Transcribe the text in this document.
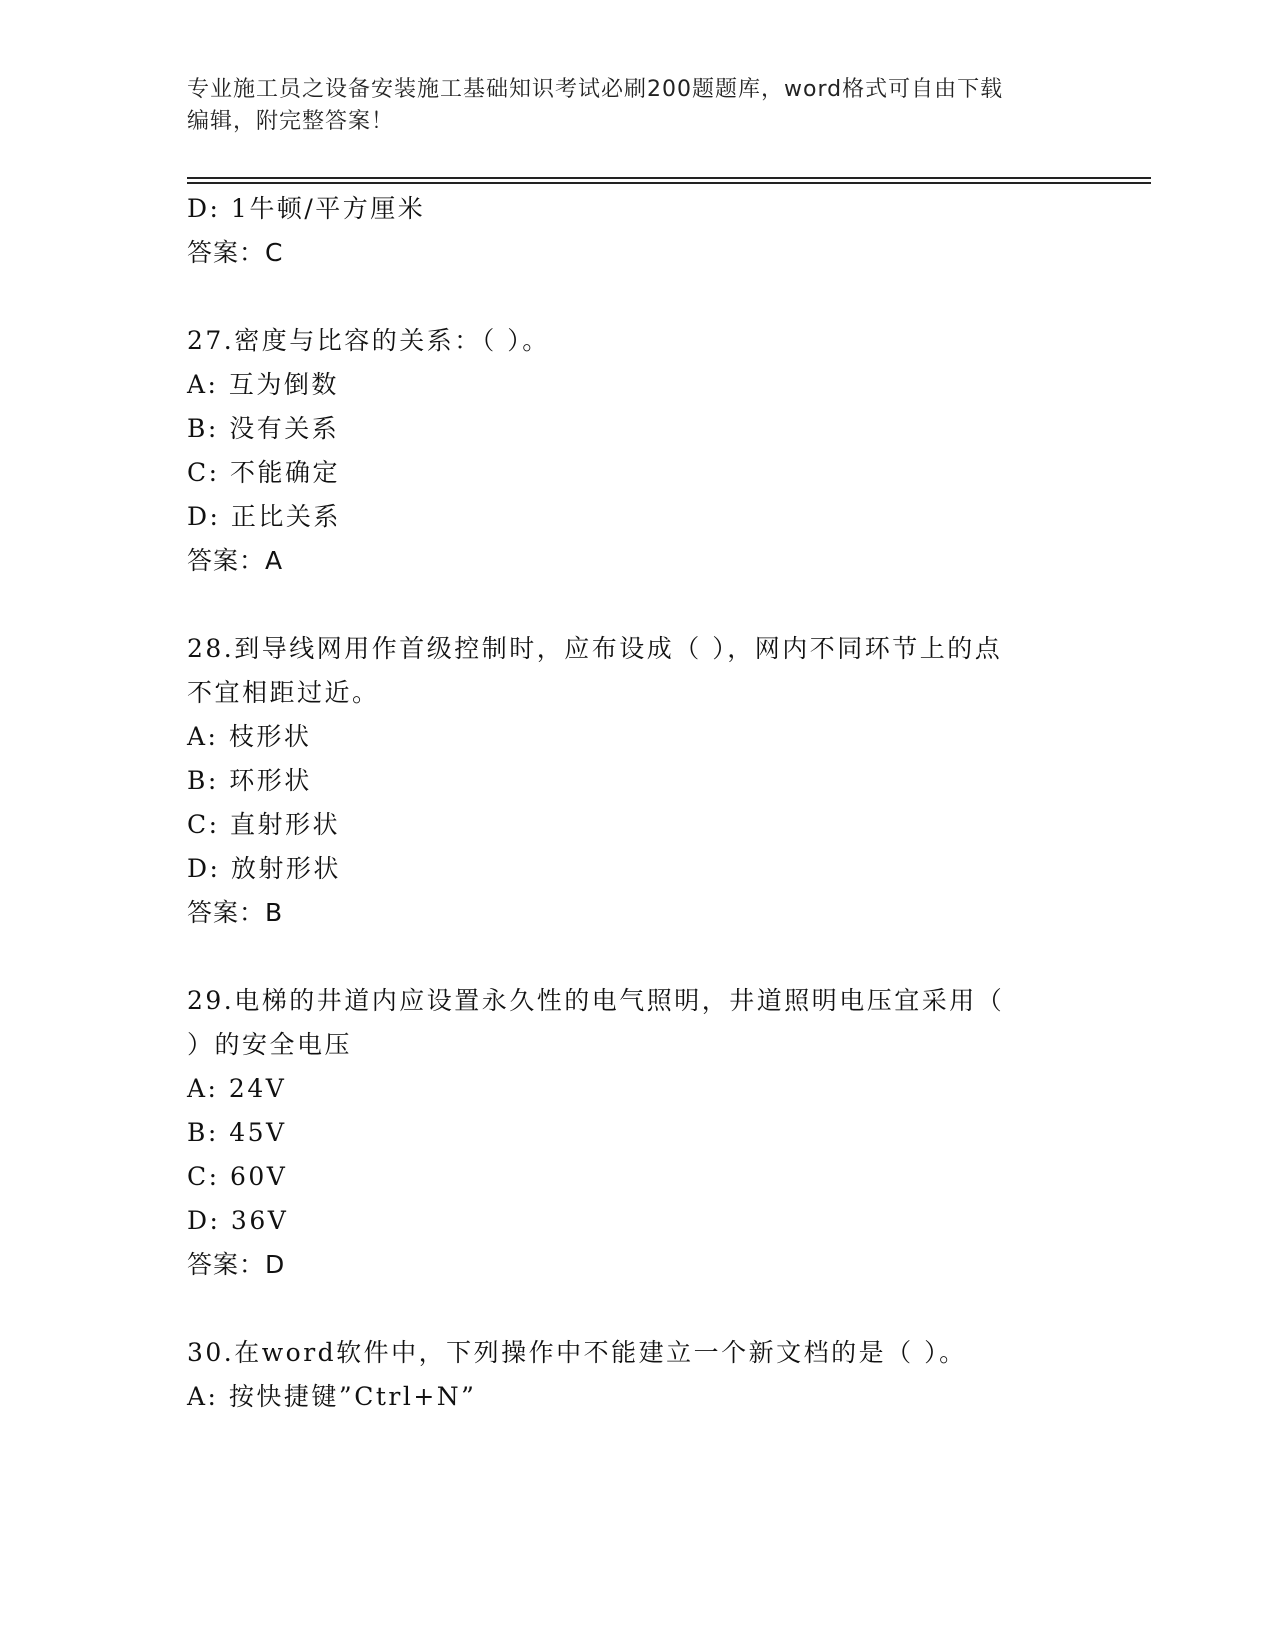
专业施工员之设备安装施工基础知识考试必刷200题题库，word格式可自由下载
编辑，附完整答案！
D: 1牛顿/平方厘米
答案：C
27.密度与比容的关系：（ ）。
A: 互为倒数
B: 没有关系
C: 不能确定
D: 正比关系
答案：A
28.到导线网用作首级控制时，应布设成（ ），网内不同环节上的点
不宜相距过近。
A: 枝形状
B: 环形状
C: 直射形状
D: 放射形状
答案：B
29.电梯的井道内应设置永久性的电气照明，井道照明电压宜采用（
）的安全电压
A: 24V
B: 45V
C: 60V
D: 36V
答案：D
30.在word软件中，下列操作中不能建立一个新文档的是（ ）。
A: 按快捷键”Ctrl+N”
